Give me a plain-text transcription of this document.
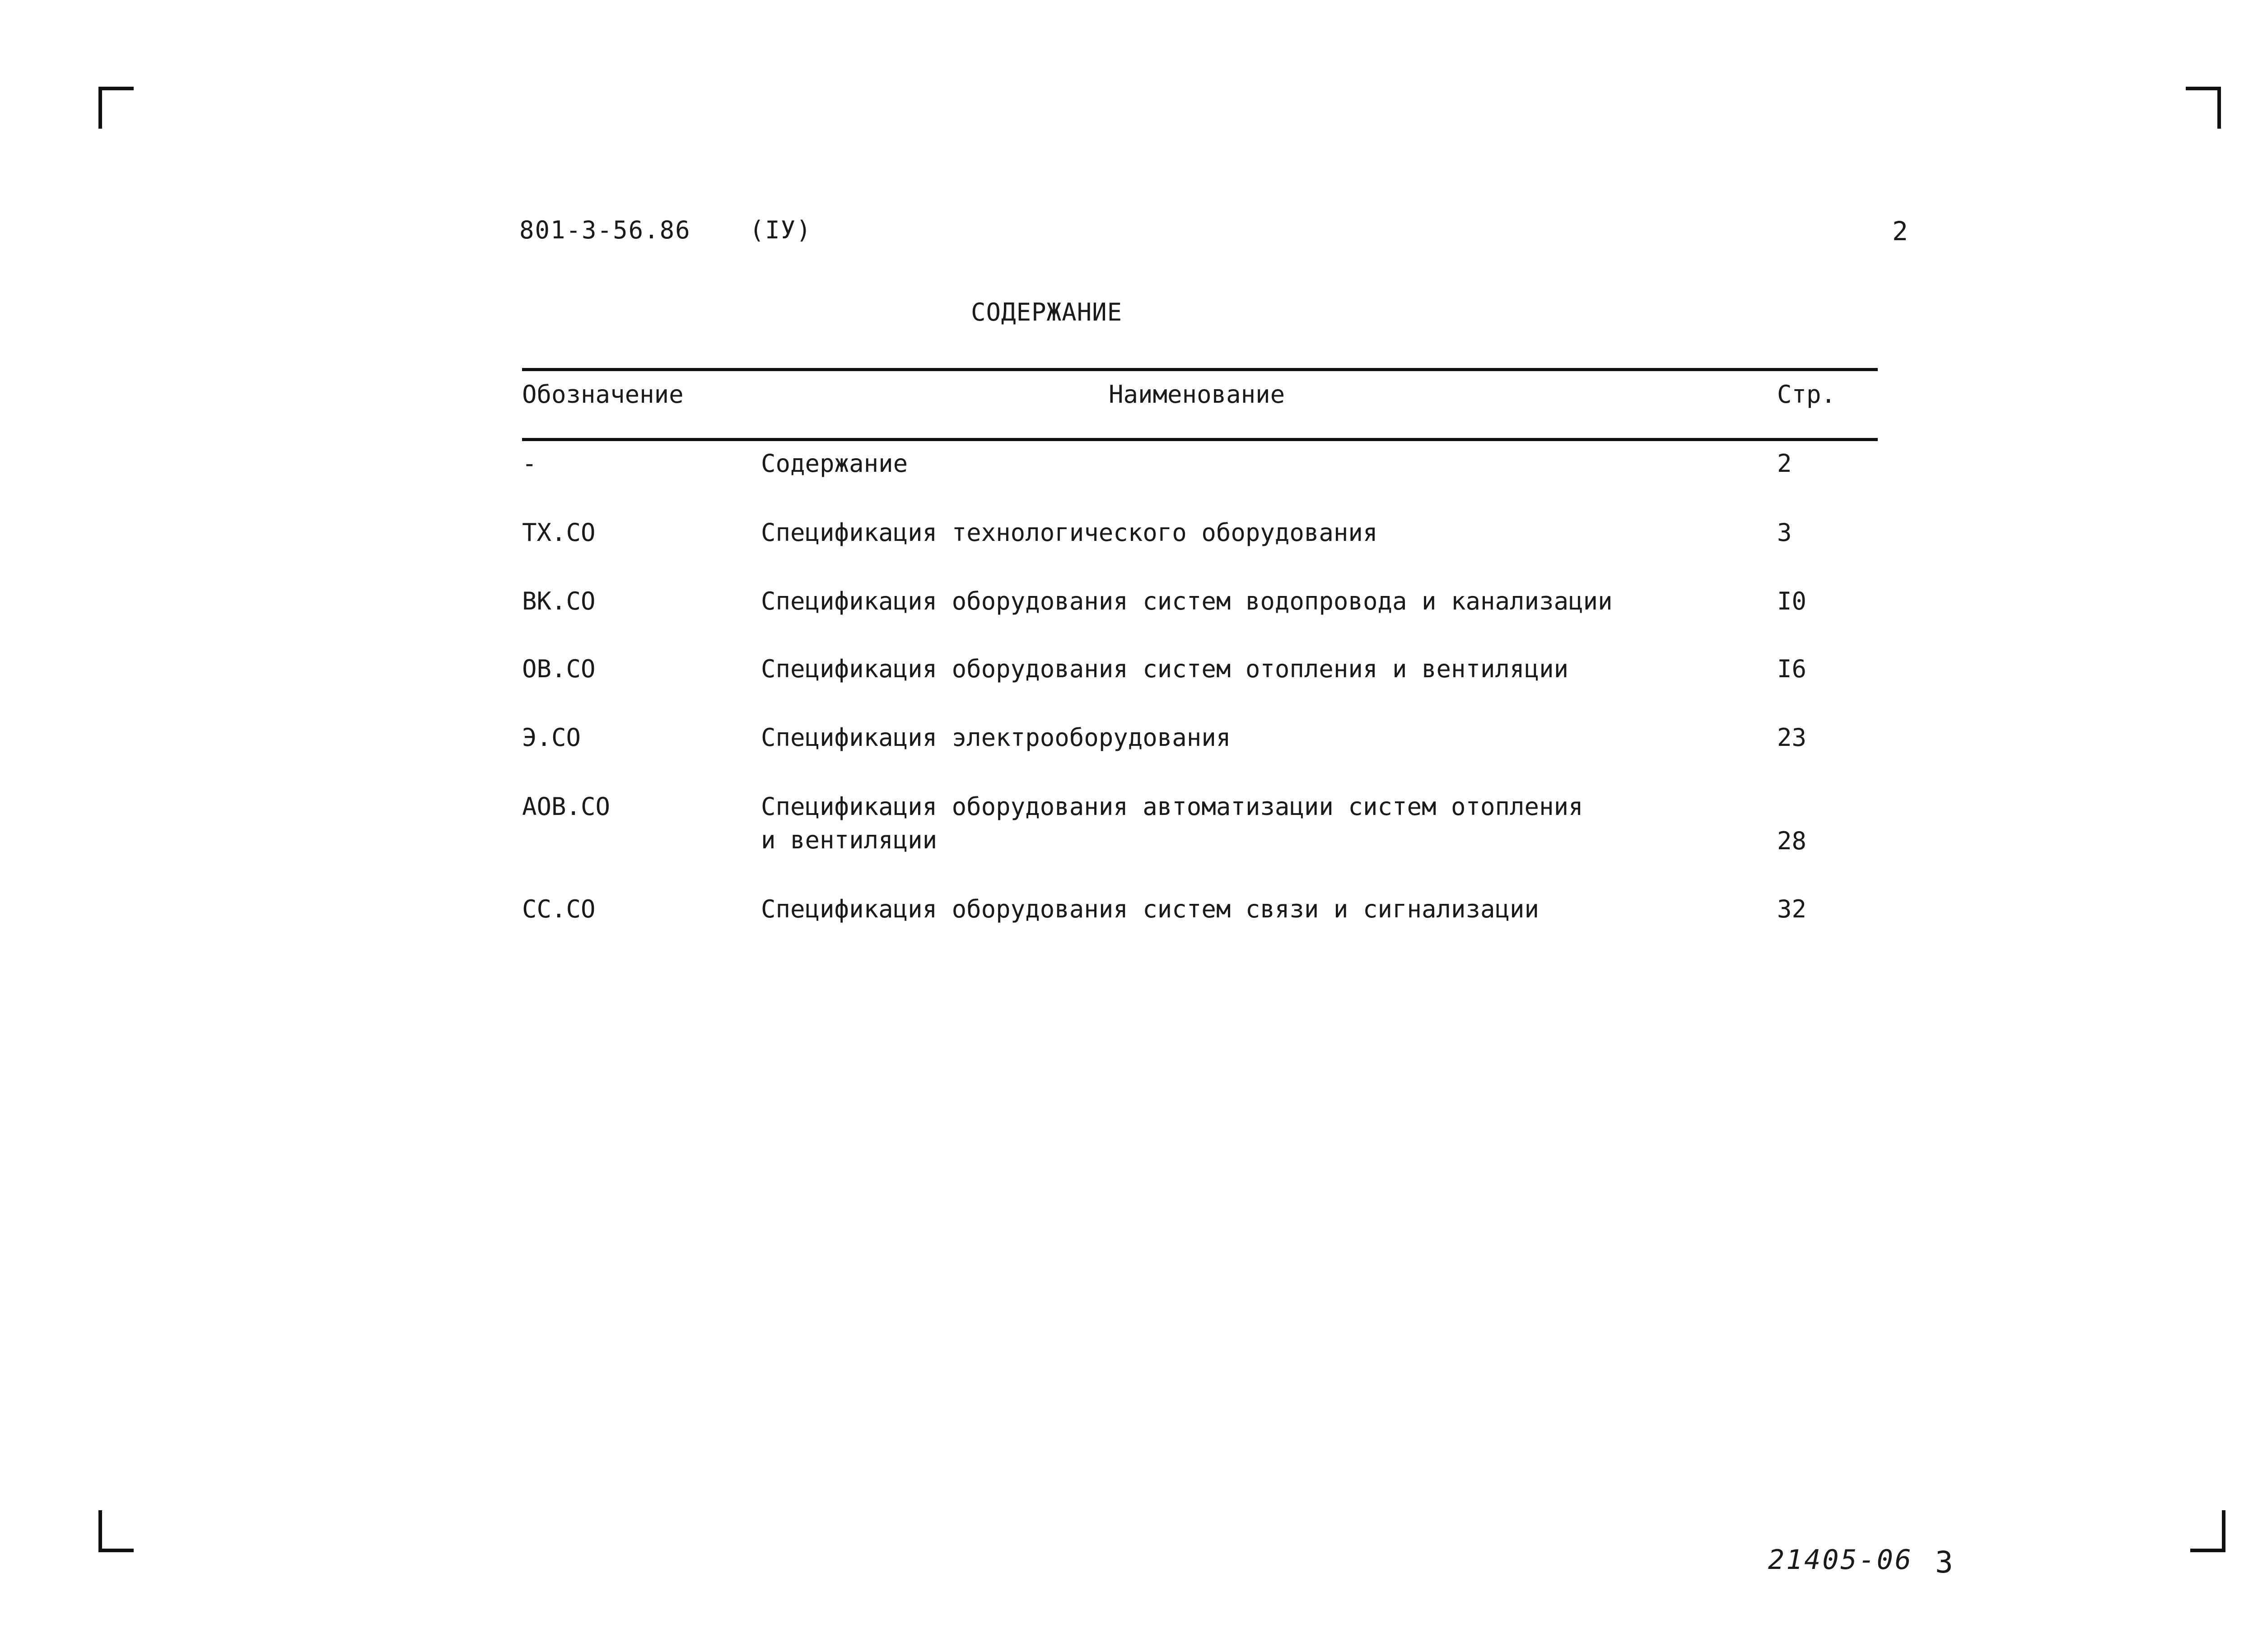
801-3-56.86 (IУ)	2
СОДЕРЖАНИЕ
Обозначение	Наименование	Стр.
-	Содержание	2
ТХ.СО	Спецификация технологического оборудования	3
ВК.СО	Спецификация оборудования систем водопровода и канализации	I0
ОВ.СО	Спецификация оборудования систем отопления и вентиляции	I6
Э.СО	Спецификация электрооборудования	23
АОВ.СО	Спецификация оборудования автоматизации систем отопления
и вентиляции	28
СС.СО	Спецификация оборудования систем связи и сигнализации	32
21405-06 3
